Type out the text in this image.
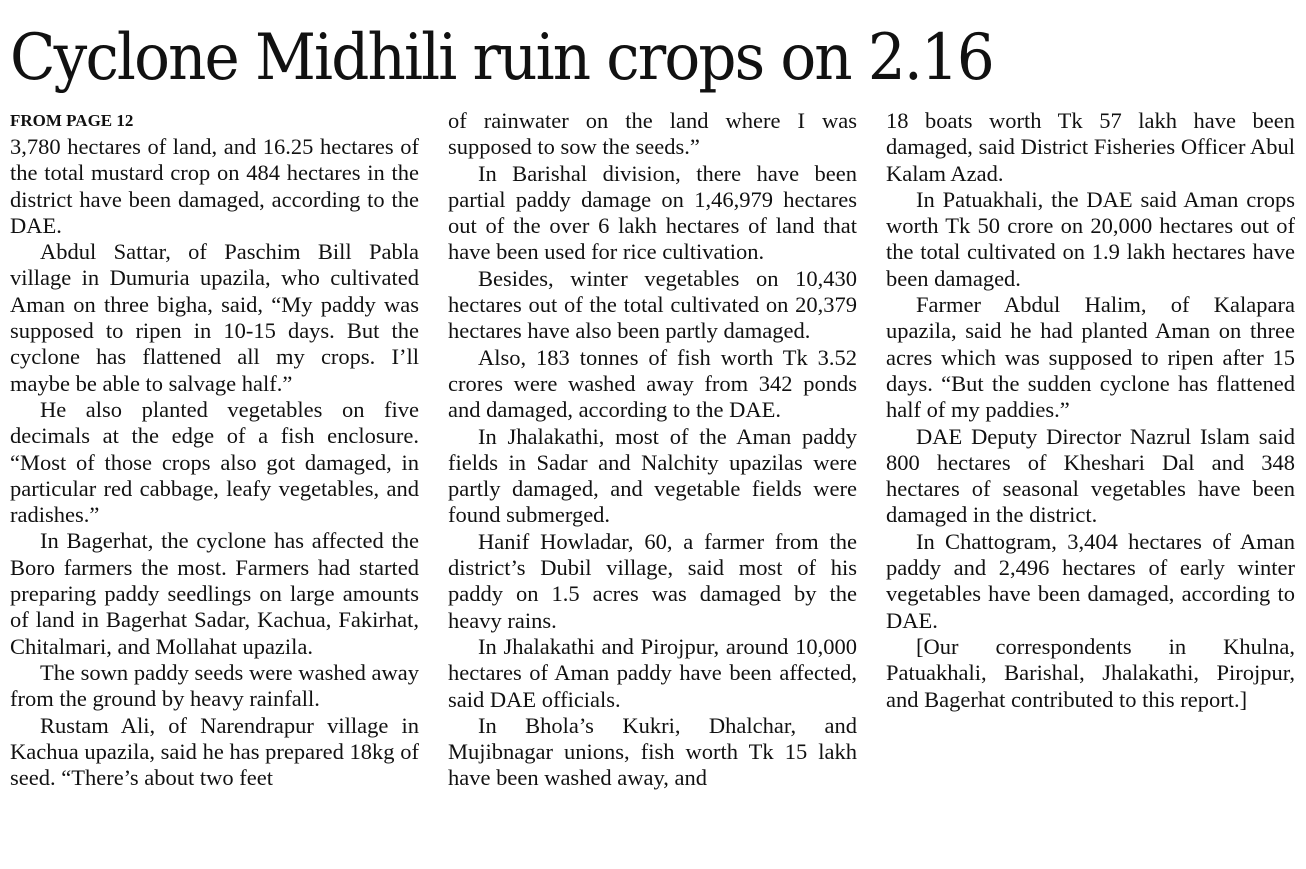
Cyclone Midhili ruin crops on 2.16
FROM PAGE 12

3,780 hectares of land, and 16.25 hectares of the total mustard crop on 484 hectares in the district have been damaged, according to the DAE.

Abdul Sattar, of Paschim Bill Pabla village in Dumuria upazila, who cultivated Aman on three bigha, said, “My paddy was supposed to ripen in 10-15 days. But the cyclone has flattened all my crops. I’ll maybe be able to salvage half.”

He also planted vegetables on five decimals at the edge of a fish enclosure. “Most of those crops also got damaged, in particular red cabbage, leafy vegetables, and radishes.”

In Bagerhat, the cyclone has affected the Boro farmers the most. Farmers had started preparing paddy seedlings on large amounts of land in Bagerhat Sadar, Kachua, Fakirhat, Chitalmari, and Mollahat upazila.

The sown paddy seeds were washed away from the ground by heavy rainfall.

Rustam Ali, of Narendrapur village in Kachua upazila, said he has prepared 18kg of seed. “There’s about two feet

of rainwater on the land where I was supposed to sow the seeds.”

In Barishal division, there have been partial paddy damage on 1,46,979 hectares out of the over 6 lakh hectares of land that have been used for rice cultivation.

Besides, winter vegetables on 10,430 hectares out of the total cultivated on 20,379 hectares have also been partly damaged.

Also, 183 tonnes of fish worth Tk 3.52 crores were washed away from 342 ponds and damaged, according to the DAE.

In Jhalakathi, most of the Aman paddy fields in Sadar and Nalchity upazilas were partly damaged, and vegetable fields were found submerged.

Hanif Howladar, 60, a farmer from the district’s Dubil village, said most of his paddy on 1.5 acres was damaged by the heavy rains.

In Jhalakathi and Pirojpur, around 10,000 hectares of Aman paddy have been affected, said DAE officials.

In Bhola’s Kukri, Dhalchar, and Mujibnagar unions, fish worth Tk 15 lakh have been washed away, and

18 boats worth Tk 57 lakh have been damaged, said District Fisheries Officer Abul Kalam Azad.

In Patuakhali, the DAE said Aman crops worth Tk 50 crore on 20,000 hectares out of the total cultivated on 1.9 lakh hectares have been damaged.

Farmer Abdul Halim, of Kalapara upazila, said he had planted Aman on three acres which was supposed to ripen after 15 days. “But the sudden cyclone has flattened half of my paddies.”

DAE Deputy Director Nazrul Islam said 800 hectares of Kheshari Dal and 348 hectares of seasonal vegetables have been damaged in the district.

In Chattogram, 3,404 hectares of Aman paddy and 2,496 hectares of early winter vegetables have been damaged, according to DAE.

[Our correspondents in Khulna, Patuakhali, Barishal, Jhalakathi, Pirojpur, and Bagerhat contributed to this report.]
